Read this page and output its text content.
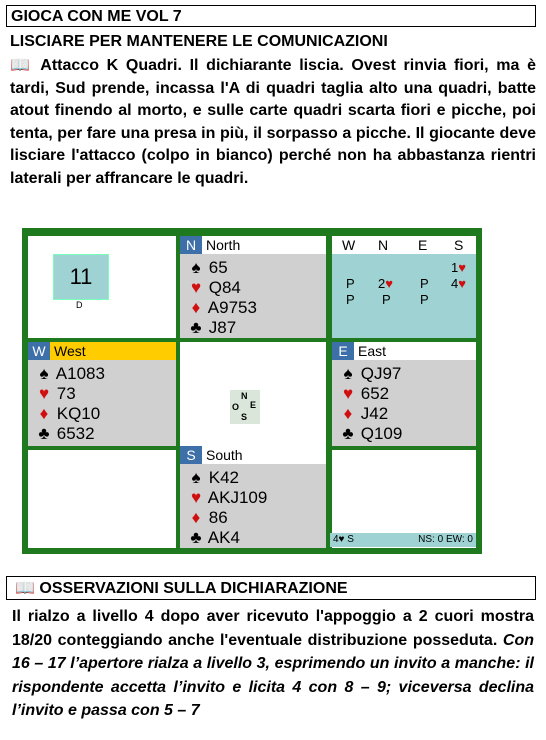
GIOCA CON ME VOL 7
LISCIARE PER MANTENERE LE COMUNICAZIONI
📖 Attacco K Quadri. Il dichiarante liscia. Ovest rinvia fiori, ma è tardi, Sud prende, incassa l'A di quadri taglia alto una quadri, batte atout finendo al morto, e sulle carte quadri scarta fiori e picche, poi tenta, per fare una presa in più, il sorpasso a picche. Il giocante deve lisciare l'attacco (colpo in bianco) perché non ha abbastanza rientri laterali per affrancare le quadri.
11
D
N North
♠ 65
♥ Q84
♦ A9753
♣ J87
W N E S
1♥
P 2♥ P 4♥
P P P
W West
♠ A1083
♥ 73
♦ KQ10
♣ 6532
N
O E
S
E East
♠ QJ97
♥ 652
♦ J42
♣ Q109
S South
♠ K42
♥ AKJ109
♦ 86
♣ AK4	4♥ S	NS: 0 EW: 0
📖 OSSERVAZIONI SULLA DICHIARAZIONE
Il rialzo a livello 4 dopo aver ricevuto l'appoggio a 2 cuori mostra 18/20 conteggiando anche l'eventuale distribuzione posseduta. Con 16 – 17 l’apertore rialza a livello 3, esprimendo un invito a manche: il rispondente accetta l’invito e licita 4 con 8 – 9; viceversa declina l’invito e passa con 5 – 7
